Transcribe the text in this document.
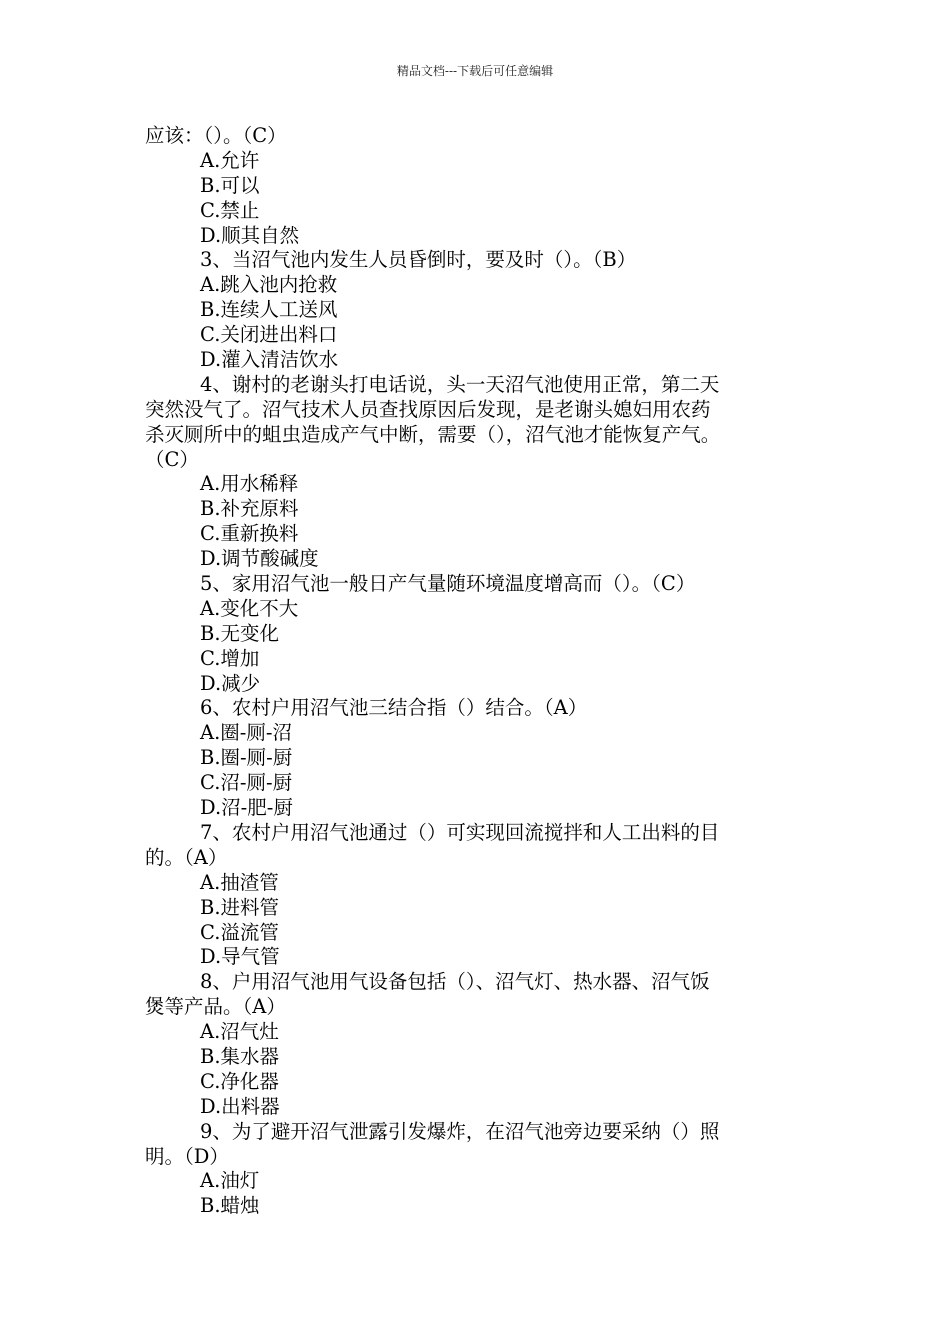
精品文档---下载后可任意编辑
应该：（）。（C）
A.允许
B.可以
C.禁止
D.顺其自然
3、当沼气池内发生人员昏倒时，要及时（）。（B）
A.跳入池内抢救
B.连续人工送风
C.关闭进出料口
D.灌入清洁饮水
4、谢村的老谢头打电话说，头一天沼气池使用正常，第二天
突然没气了。沼气技术人员查找原因后发现，是老谢头媳妇用农药
杀灭厕所中的蛆虫造成产气中断，需要（），沼气池才能恢复产气。
（C）
A.用水稀释
B.补充原料
C.重新换料
D.调节酸碱度
5、家用沼气池一般日产气量随环境温度增高而（）。（C）
A.变化不大
B.无变化
C.增加
D.减少
6、农村户用沼气池三结合指（）结合。（A）
A.圈-厕-沼
B.圈-厕-厨
C.沼-厕-厨
D.沼-肥-厨
7、农村户用沼气池通过（）可实现回流搅拌和人工出料的目
的。（A）
A.抽渣管
B.进料管
C.溢流管
D.导气管
8、户用沼气池用气设备包括（）、沼气灯、热水器、沼气饭
煲等产品。（A）
A.沼气灶
B.集水器
C.净化器
D.出料器
9、为了避开沼气泄露引发爆炸，在沼气池旁边要采纳（）照
明。（D）
A.油灯
B.蜡烛
